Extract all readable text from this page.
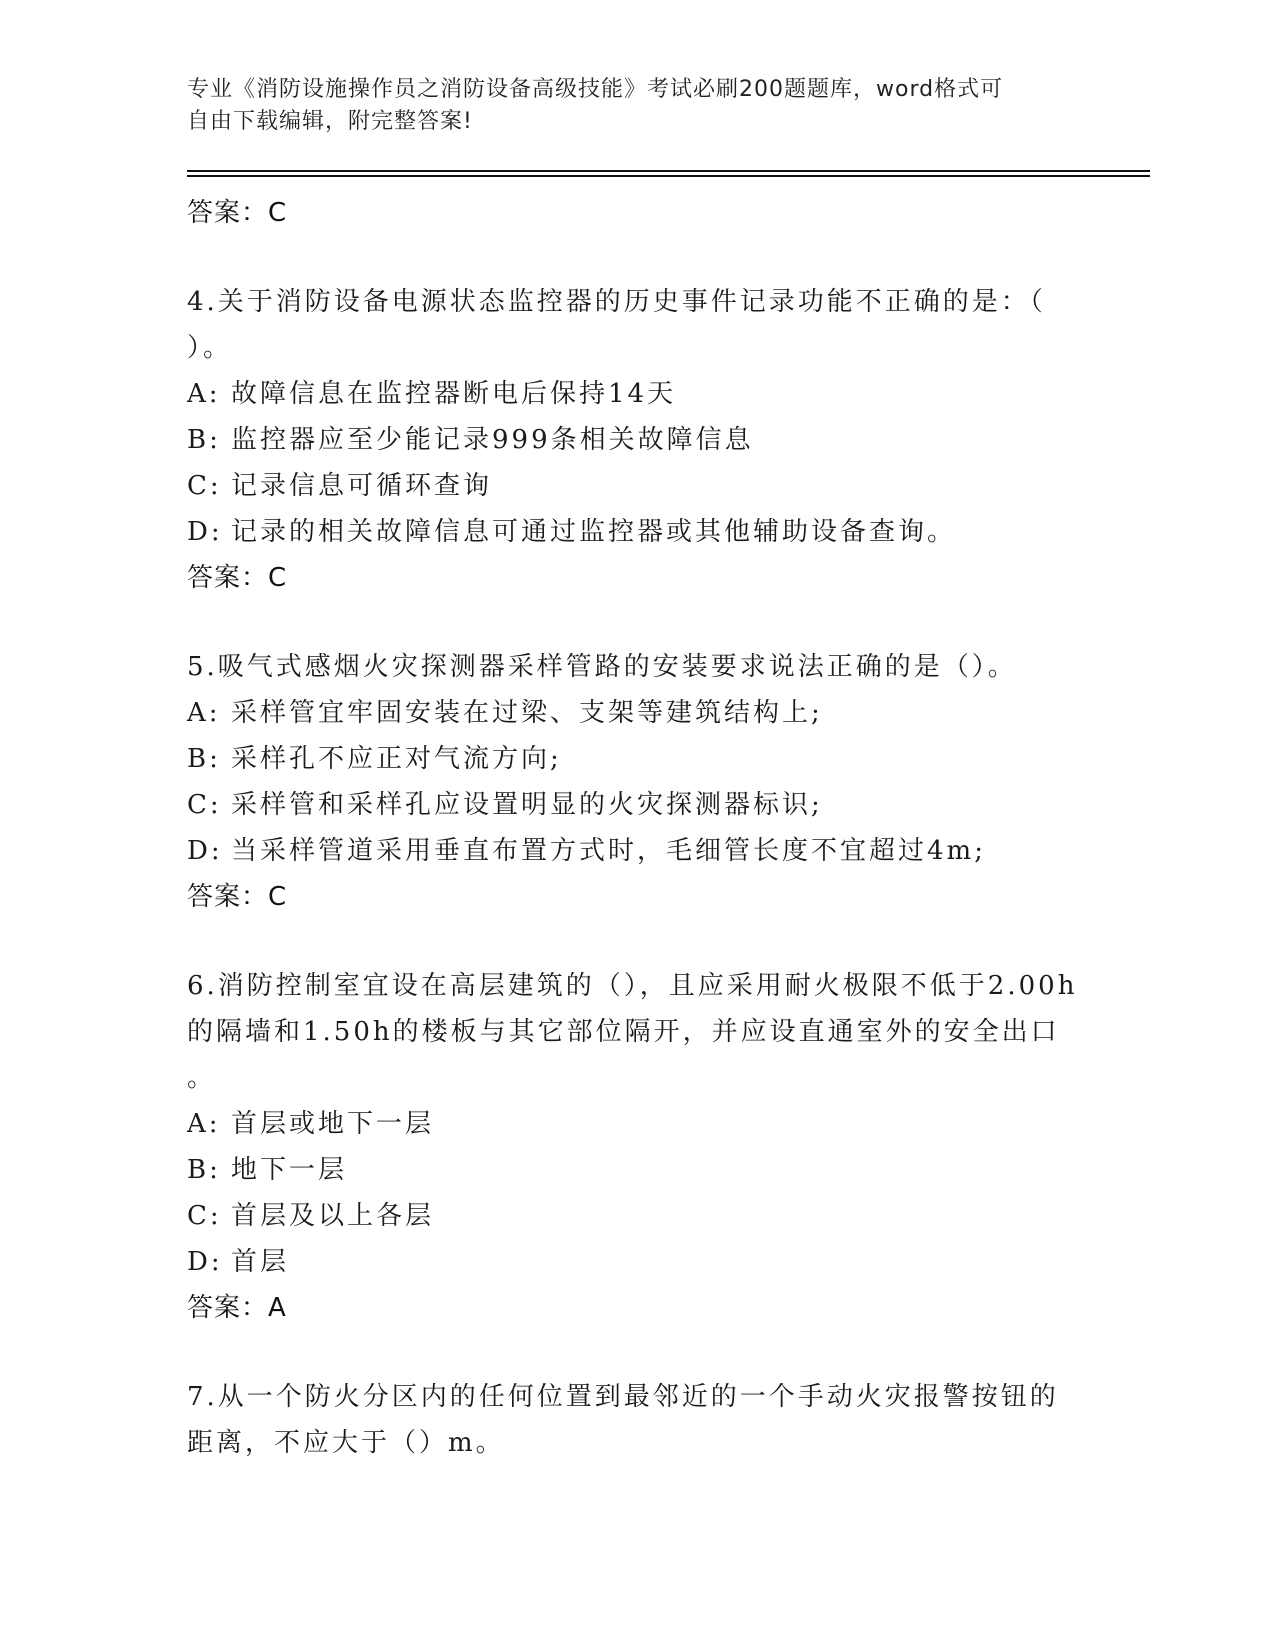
专业《消防设施操作员之消防设备高级技能》考试必刷200题题库，word格式可
自由下载编辑，附完整答案!
答案：C
4.关于消防设备电源状态监控器的历史事件记录功能不正确的是：（
）。
A: 故障信息在监控器断电后保持14天
B: 监控器应至少能记录999条相关故障信息
C: 记录信息可循环查询
D: 记录的相关故障信息可通过监控器或其他辅助设备查询。
答案：C
5.吸气式感烟火灾探测器采样管路的安装要求说法正确的是（）。
A: 采样管宜牢固安装在过梁、支架等建筑结构上;
B: 采样孔不应正对气流方向;
C: 采样管和采样孔应设置明显的火灾探测器标识;
D: 当采样管道采用垂直布置方式时，毛细管长度不宜超过4m;
答案：C
6.消防控制室宜设在高层建筑的（），且应采用耐火极限不低于2.00h
的隔墙和1.50h的楼板与其它部位隔开，并应设直通室外的安全出口
。
A: 首层或地下一层
B: 地下一层
C: 首层及以上各层
D: 首层
答案：A
7.从一个防火分区内的任何位置到最邻近的一个手动火灾报警按钮的
距离，不应大于（）m。
